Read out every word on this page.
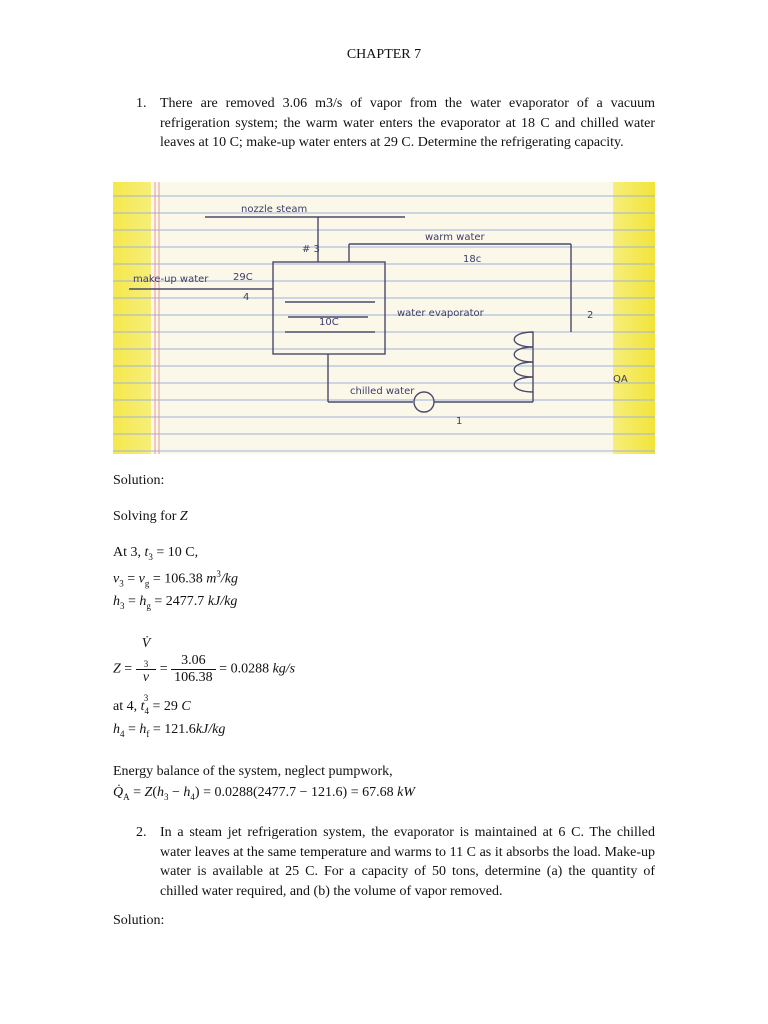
CHAPTER 7
1. There are removed 3.06 m3/s of vapor from the water evaporator of a vacuum refrigeration system; the warm water enters the evaporator at 18 C and chilled water leaves at 10 C; make-up water enters at 29 C. Determine the refrigerating capacity.
nozzle steam
# 3
warm water
18c
make-up water 29C
4
10C
water evaporator
chilled water
2
QA
1
Solution:
Solving for Z
At 3, $t_3 = 10$ C,
$v_3 = v_g = 106.38$ $m^3/kg$
$h_3 = h_g = 2477.7$ kJ/kg
Z = V̇
$_3$
v
$_3 = \frac{3.06}{106.38} = 0.0288$ kg/s
at 4, $t_4 = 29$ C
$h_4 = h_f = 121.6kJ/kg$
Energy balance of the system, neglect pumpwork,
$Q̇_A = Z(h_3 - h_4) = 0.0288(2477.7 - 121.6) = 67.68$ kW
2. In a steam jet refrigeration system, the evaporator is maintained at 6 C. The chilled water leaves at the same temperature and warms to 11 C as it absorbs the load. Make-up water is available at 25 C. For a capacity of 50 tons, determine (a) the quantity of chilled water required, and (b) the volume of vapor removed.
Solution:
